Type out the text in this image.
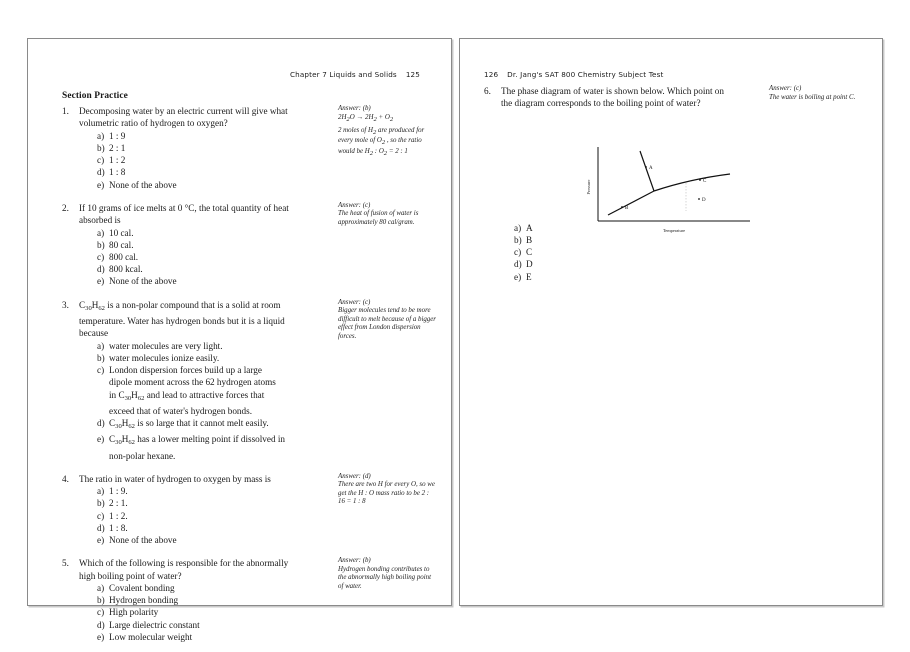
Chapter 7 Liquids and Solids 125
Section Practice
1.	Decomposing water by an electric current will give what volumetric ratio of hydrogen to oxygen?
a) 1 : 9
b) 2 : 1
c) 1 : 2
d) 1 : 8
e) None of the above

Answer: (b)

$2H_2O \to 2H_2 + O_2$

2 moles of $H_2$ are produced for every mole of $O_2$ , so the ratio would be $H_2$ : $O_2 = 2$ : 1

2.	If 10 grams of ice melts at 0 °C, the total quantity of heat absorbed is
a) 10 cal.
b) 80 cal.
c) 800 cal.
d) 800 kcal.
e) None of the above

Answer: (c)

The heat of fusion of water is approximately 80 cal/gram.

3.	$C_{30}H_{62}$ is a non-polar compound that is a solid at room temperature. Water has hydrogen bonds but it is a liquid because
a) water molecules are very light.
b) water molecules ionize easily.
c) London dispersion forces build up a large
dipole moment across the 62 hydrogen atoms
in $C_{30}H_{62}$ and lead to attractive forces that
exceed that of water's hydrogen bonds.
d) $C_{30}H_{62}$ is so large that it cannot melt easily.
e) $C_{30}H_{62}$ has a lower melting point if dissolved in
non-polar hexane.

Answer: (c)

Bigger molecules tend to be more difficult to melt because of a bigger effect from London dispersion forces.

4.	The ratio in water of hydrogen to oxygen by mass is
a) 1 : 9.
b) 2 : 1.
c) 1 : 2.
d) 1 : 8.
e) None of the above

Answer: (d)

There are two H for every O, so we get the H : O mass ratio to be 2 : 16 = 1 : 8

5.	Which of the following is responsible for the abnormally high boiling point of water?
a) Covalent bonding
b) Hydrogen bonding
c) High polarity
d) Large dielectric constant
e) Low molecular weight

Answer: (b)

Hydrogen bonding contributes to the abnormally high boiling point of water.

126 Dr. Jang's SAT 800 Chemistry Subject Test
6.	The phase diagram of water is shown below. Which point on the diagram corresponds to the boiling point of water?
A
B
C
D
Temperature
Pressure
a) A
b) B
c) C
d) D
e) E

Answer: (c)

The water is boiling at point C.
